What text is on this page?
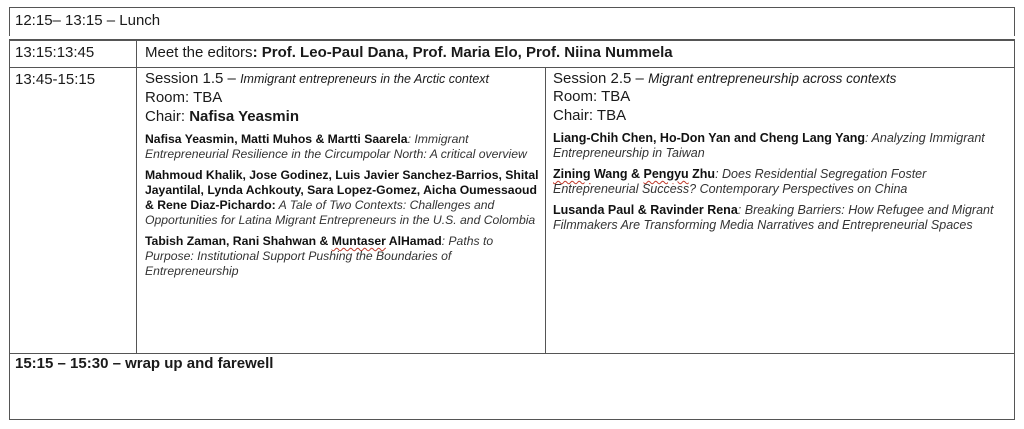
12:15– 13:15 – Lunch
13:15:13:45	Meet the editors: Prof. Leo-Paul Dana, Prof. Maria Elo, Prof. Niina Nummela
13:45-15:15	Session 1.5 – Immigrant entrepreneurs in the Arctic context
Room: TBA
Chair: Nafisa Yeasmin
Nafisa Yeasmin, Matti Muhos & Martti Saarela: Immigrant Entrepreneurial Resilience in the Circumpolar North: A critical overview
Mahmoud Khalik, Jose Godinez, Luis Javier Sanchez-Barrios, Shital Jayantilal, Lynda Achkouty, Sara Lopez-Gomez, Aicha Oumessaoud & Rene Diaz-Pichardo: A Tale of Two Contexts: Challenges and Opportunities for Latina Migrant Entrepreneurs in the U.S. and Colombia
Tabish Zaman, Rani Shahwan & Muntaser AlHamad: Paths to Purpose: Institutional Support Pushing the Boundaries of Entrepreneurship
Session 2.5 – Migrant entrepreneurship across contexts
Room: TBA
Chair: TBA
Liang-Chih Chen, Ho-Don Yan and Cheng Lang Yang: Analyzing Immigrant Entrepreneurship in Taiwan
Zining Wang & Pengyu Zhu: Does Residential Segregation Foster Entrepreneurial Success? Contemporary Perspectives on China
Lusanda Paul & Ravinder Rena: Breaking Barriers: How Refugee and Migrant Filmmakers Are Transforming Media Narratives and Entrepreneurial Spaces
15:15 – 15:30 – wrap up and farewell
